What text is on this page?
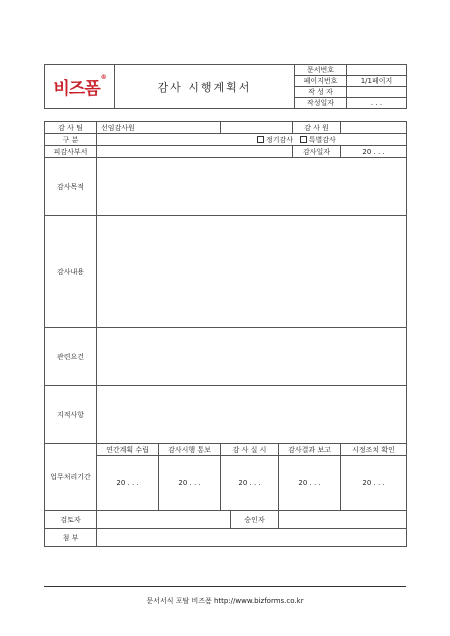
비즈폼®	감사 시행계획서	문서번호	
		페이지번호	1/1페이지
		작 성 자	
		작성일자	. . .
감 사 팀	선임감사원					감 사 원	
구 분	정기감사 특별감사						
피감사부서						감사일자	20 . . .
감사목적							
감사내용							
관련요건							
지적사항							
업무처리기간	연간계획 수립	감사시행 통보	감 사 실 시		감사결과 보고		시정조치 확인
	20 . . .	20 . . .	20 . . .		20 . . .		20 . . .
검토자				승인자			
첨 부							
문서서식 포탈 비즈폼 http://www.bizforms.co.kr
